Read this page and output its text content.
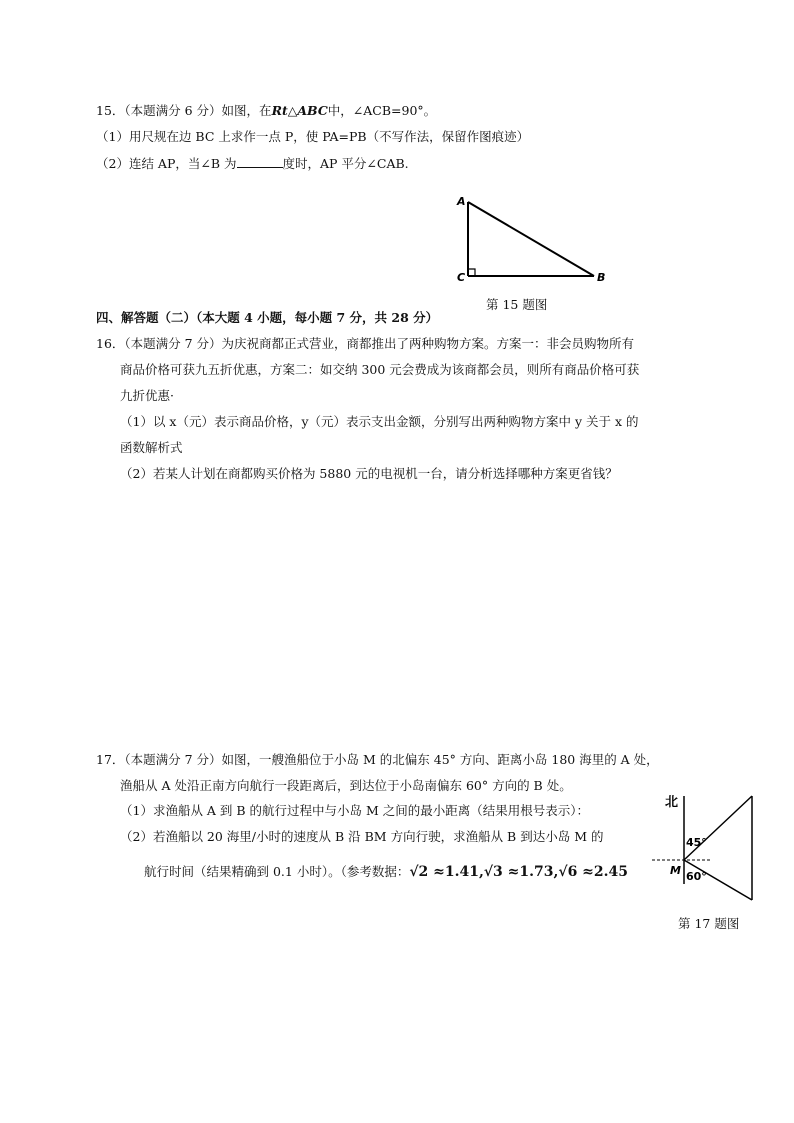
15．（本题满分 6 分）如图，在Rt△ABC中，∠ACB=90°。
（1）用尺规在边 BC 上求作一点 P，使 PA=PB（不写作法，保留作图痕迹）
（2）连结 AP，当∠B 为	度时，AP 平分∠CAB.
A
C	B
第 15 题图
四、解答题（二）（本大题 4 小题，每小题 7 分，共 28 分）
16．（本题满分 7 分）为庆祝商都正式营业，商都推出了两种购物方案。方案一：非会员购物所有
商品价格可获九五折优惠，方案二：如交纳 300 元会费成为该商都会员，则所有商品价格可获
九折优惠·
（1）以 x（元）表示商品价格，y（元）表示支出金额，分别写出两种购物方案中 y 关于 x 的
函数解析式
（2）若某人计划在商都购买价格为 5880 元的电视机一台，请分析选择哪种方案更省钱？
17．（本题满分 7 分）如图，一艘渔船位于小岛 M 的北偏东 45° 方向、距离小岛 180 海里的 A 处，
渔船从 A 处沿正南方向航行一段距离后，到达位于小岛南偏东 60° 方向的 B 处。
（1）求渔船从 A 到 B 的航行过程中与小岛 M 之间的最小距离（结果用根号表示）：
（2）若渔船以 20 海里/小时的速度从 B 沿 BM 方向行驶，求渔船从 B 到达小岛 M 的
航行时间（结果精确到 0.1 小时）。（参考数据：√2 ≈1.41,√3 ≈1.73,√6 ≈2.45
北
45°
60°
M
第 17 题图
